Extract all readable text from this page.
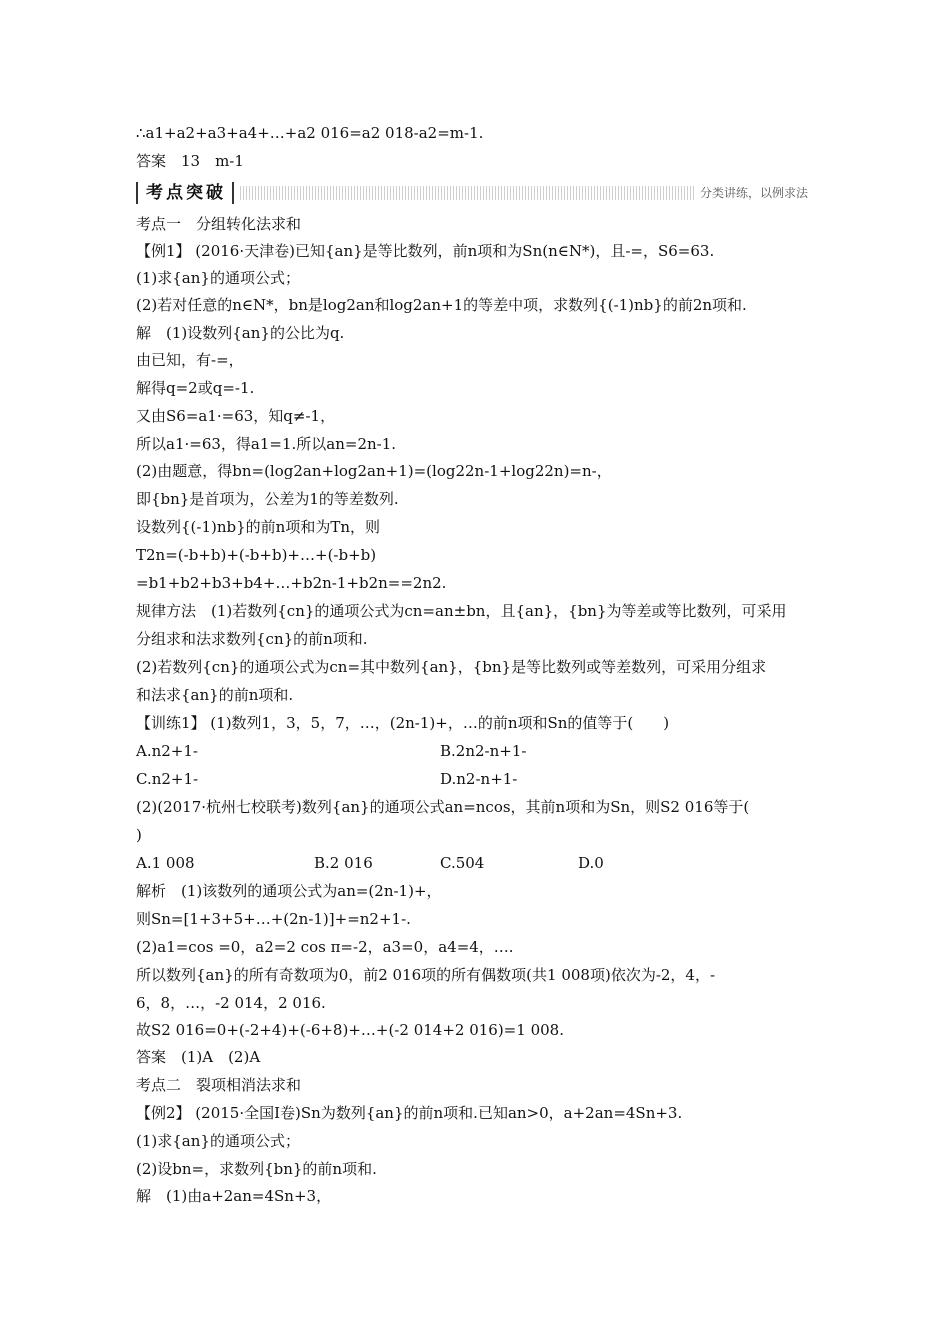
∴a1+a2+a3+a4+…+a2 016=a2 018-a2=m-1.
答案　13　m-1
考点突破	分类讲练，以例求法
考点一　分组转化法求和
【例1】 (2016·天津卷)已知{an}是等比数列，前n项和为Sn(n∈N*)，且-=，S6=63.
(1)求{an}的通项公式；
(2)若对任意的n∈N*，bn是log2an和log2an+1的等差中项，求数列{(-1)nb}的前2n项和.
解　(1)设数列{an}的公比为q.
由已知，有-=，
解得q=2或q=-1.
又由S6=a1·=63，知q≠-1，
所以a1·=63，得a1=1.所以an=2n-1.
(2)由题意，得bn=(log2an+log2an+1)=(log22n-1+log22n)=n-，
即{bn}是首项为，公差为1的等差数列.
设数列{(-1)nb}的前n项和为Tn，则
T2n=(-b+b)+(-b+b)+…+(-b+b)
=b1+b2+b3+b4+…+b2n-1+b2n==2n2.
规律方法　(1)若数列{cn}的通项公式为cn=an±bn，且{an}，{bn}为等差或等比数列，可采用
分组求和法求数列{cn}的前n项和.
(2)若数列{cn}的通项公式为cn=其中数列{an}，{bn}是等比数列或等差数列，可采用分组求
和法求{an}的前n项和.
【训练1】 (1)数列1，3，5，7，…，(2n-1)+，…的前n项和Sn的值等于(　　)
A.n2+1-	B.2n2-n+1-
C.n2+1-	D.n2-n+1-
(2)(2017·杭州七校联考)数列{an}的通项公式an=ncos，其前n项和为Sn，则S2 016等于(
)
A.1 008	B.2 016	C.504	D.0
解析　(1)该数列的通项公式为an=(2n-1)+，
则Sn=[1+3+5+…+(2n-1)]+=n2+1-.
(2)a1=cos =0，a2=2 cos π=-2，a3=0，a4=4，….
所以数列{an}的所有奇数项为0，前2 016项的所有偶数项(共1 008项)依次为-2，4，-
6，8，…，-2 014，2 016.
故S2 016=0+(-2+4)+(-6+8)+…+(-2 014+2 016)=1 008.
答案　(1)A　(2)A
考点二　裂项相消法求和
【例2】 (2015·全国Ⅰ卷)Sn为数列{an}的前n项和.已知an>0，a+2an=4Sn+3.
(1)求{an}的通项公式；
(2)设bn=，求数列{bn}的前n项和.
解　(1)由a+2an=4Sn+3，
